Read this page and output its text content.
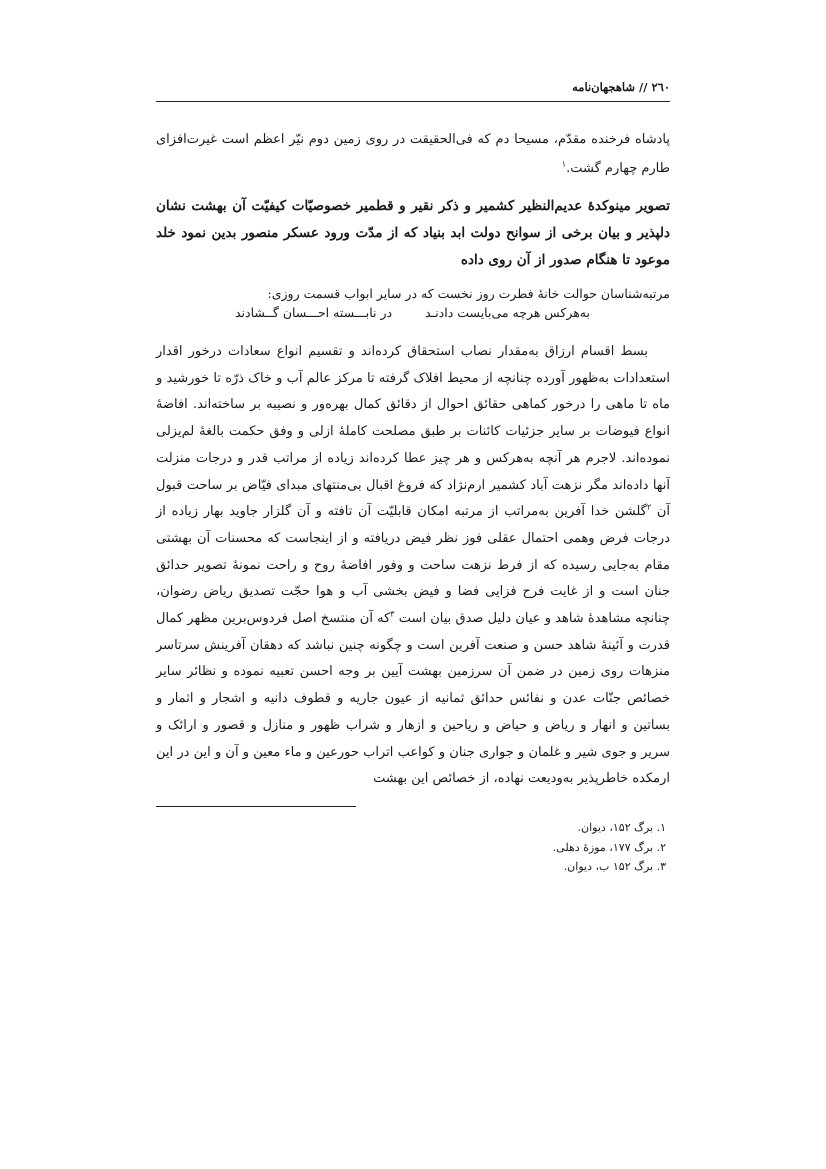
۲٦۰ // شاهجهان‌نامه

پادشاه فرخنده مقدّم، مسیحا دم که فی‌الحقیقت در روی زمین دوم نیّر اعظم است غیرت‌افزای طارم چهارم گشت.$^۱$

تصویر مینوکدهٔ عدیم‌النظیر کشمیر و ذکر نقیر و قطمیر خصوصیّات کیفیّت آن بهشت نشان دلپذیر و بیان برخی از سوانح دولت ابد بنیاد که از مدّت ورود عسکر منصور بدین نمود خلد موعود تا هنگام صدور از آن روی داده
مرتبه‌شناسان حوالت خانهٔ فطرت روز نخست که در سایر ابواب قسمت روزی:
به‌هرکس هرچه می‌بایست دادنـد
در نابـــسته احـــسان گــشادند

بسط اقسام ارزاق به‌مقدار نصاب استحقاق کرده‌اند و تقسیم انواع سعادات درخور اقدار استعدادات به‌ظهور آورده چنانچه از محیط افلاک گرفته تا مرکز عالم آب و خاک ذرّه تا خورشید و ماه تا ماهی را درخور کماهی حقائق احوال از دقائق کمال بهره‌ور و نصیبه بر ساخته‌اند. افاضهٔ انواع فیوضات بر سایر جزئیات کائنات بر طبق مصلحت کاملهٔ ازلی و وفق حکمت بالغهٔ لم‌یزلی نموده‌اند. لاجرم هر آنچه به‌هرکس و هر چیز عطا کرده‌اند زیاده از مراتب قدر و درجات منزلت آنها داده‌اند مگر نزهت آباد کشمیر ارم‌نژاد که فروغ اقبال بی‌منتهای مبدای فیّاض بر ساحت قبول آن $^۲$گلشن خدا آفرین به‌مراتب از مرتبه امکان قابلیّت آن تافته و آن گلزار جاوید بهار زیاده از درجات فرض وهمی احتمال عقلی فوز نظر فیض دریافته و از اینجاست که محسنات آن بهشتی مقام به‌جایی رسیده که از فرط نزهت ساحت و وفور افاضهٔ روح و راحت نمونهٔ تصویر حدائق جنان است و از غایت فرح فزایی فضا و فیض بخشی آب و هوا حجّت تصدیق ریاض رضوان، چنانچه مشاهدهٔ شاهد و عیان دلیل صدق بیان است $^۳$که آن منتسخ اصل فردوس‌برین مظهر کمال قدرت و آئینهٔ شاهد حسن و صنعت آفرین است و چگونه چنین نباشد که دهقان آفرینش سرتاسر منزهات روی زمین در ضمن آن سرزمین بهشت آیین بر وجه احسن تعبیه نموده و نظائر سایر خصائص جنّات عدن و نفائس حدائق ثمانیه از عیون جاریه و قطوف دانیه و اشجار و اثمار و بساتین و انهار و ریاض و حیاض و ریاحین و ازهار و شراب ظهور و منازل و قصور و ارائک و سریر و جوی شیر و غلمان و جواری جنان و کواعب اتراب حورعین و ماء معین و آن و این در این ارمکده خاطرپذیر به‌ودیعت نهاده، از خصائص این بهشت

۱. برگ ۱۵۲، دیوان.
۲. برگ ۱۷۷، موزهٔ دهلی.
۳. برگ ۱۵۲ ب، دیوان.
